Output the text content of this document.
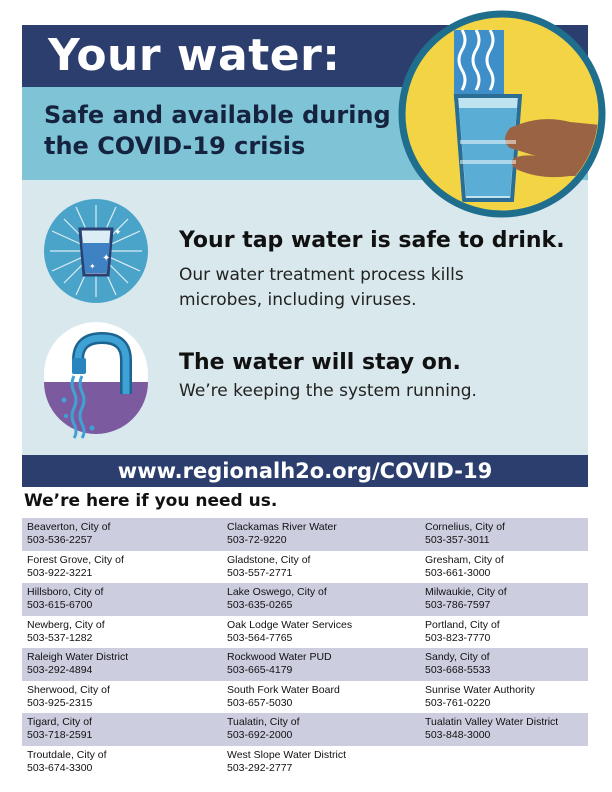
Your water:
Safe and available during the COVID-19 crisis
✦
✦
✦	Your tap water is safe to drink.
Our water treatment process kills microbes, including viruses.
The water will stay on.
We’re keeping the system running.
www.regionalh2o.org/COVID-19
We’re here if you need us.
Beaverton, City of
503-536-2257
Clackamas River Water
503-72-9220
Cornelius, City of
503-357-3011
Forest Grove, City of
503-922-3221
Gladstone, City of
503-557-2771
Gresham, City of
503-661-3000
Hillsboro, City of
503-615-6700
Lake Oswego, City of
503-635-0265
Milwaukie, City of
503-786-7597
Newberg, City of
503-537-1282
Oak Lodge Water Services
503-564-7765
Portland, City of
503-823-7770
Raleigh Water District
503-292-4894
Rockwood Water PUD
503-665-4179
Sandy, City of
503-668-5533
Sherwood, City of
503-925-2315
South Fork Water Board
503-657-5030
Sunrise Water Authority
503-761-0220
Tigard, City of
503-718-2591
Tualatin, City of
503-692-2000
Tualatin Valley Water District
503-848-3000
Troutdale, City of
503-674-3300
West Slope Water District
503-292-2777
